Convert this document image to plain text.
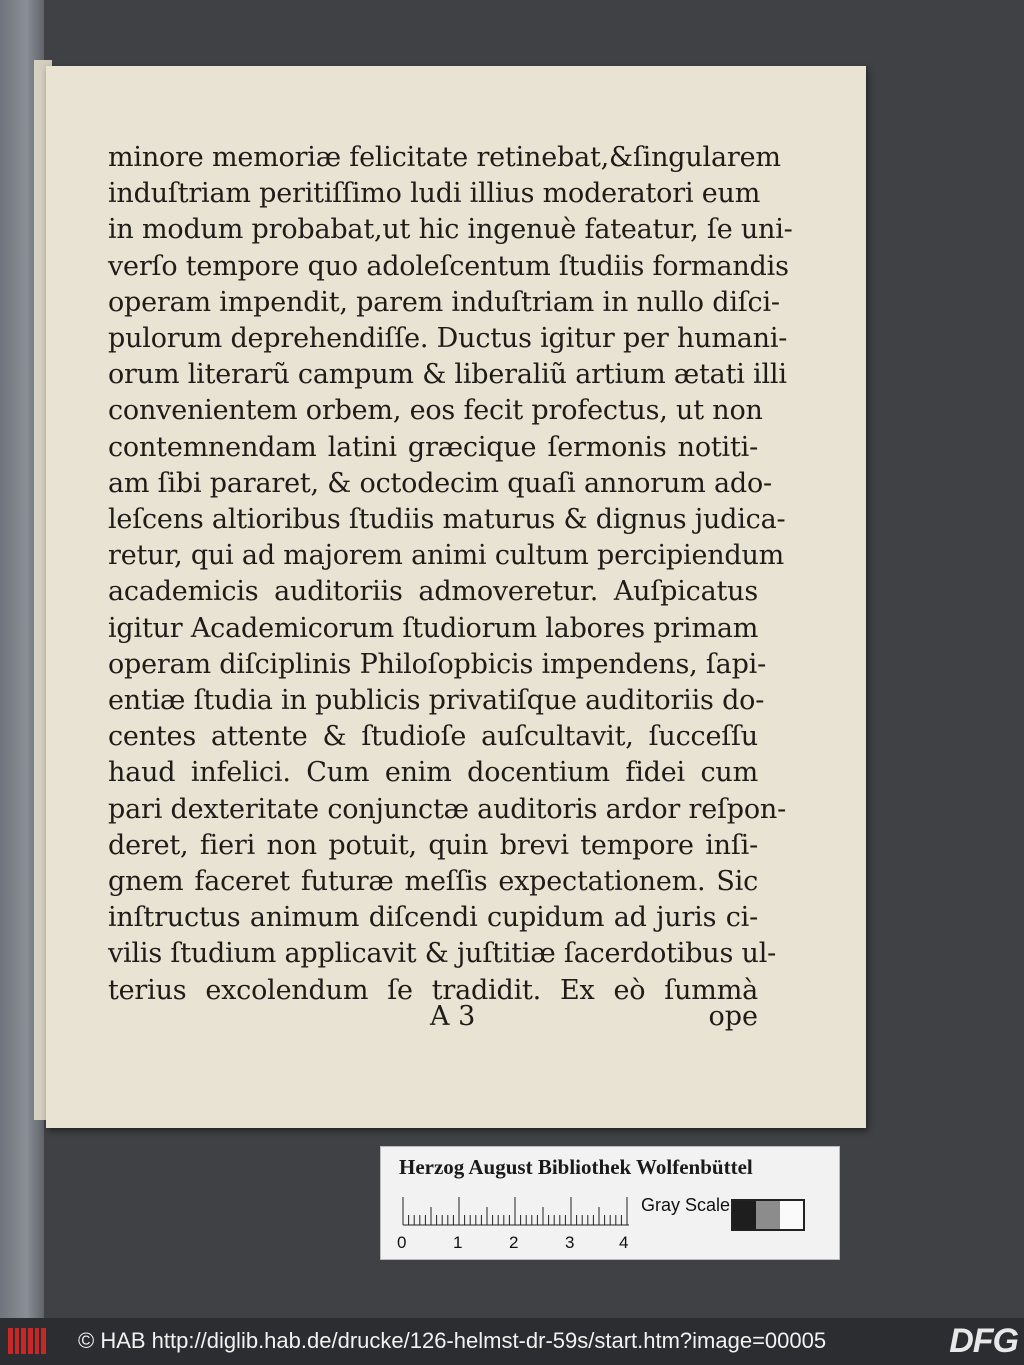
minore memoriæ felicitate retinebat,&ſingularem
induſtriam peritiſſimo ludi illius moderatori eum
in modum probabat,ut hic ingenuè fateatur, ſe uni-
verſo tempore quo adoleſcentum ſtudiis formandis
operam impendit, parem induſtriam in nullo diſci-
pulorum deprehendiſſe. Ductus igitur per humani-
orum literarũ campum & liberaliũ artium ætati illi
convenientem orbem, eos fecit profectus, ut non
contemnendam latini græcique ſermonis notiti-
am ſibi pararet, & octodecim quaſi annorum ado-
leſcens altioribus ſtudiis maturus & dignus judica-
retur, qui ad majorem animi cultum percipiendum
academicis auditoriis admoveretur. Auſpicatus
igitur Academicorum ſtudiorum labores primam
operam diſciplinis Philoſopbicis impendens, ſapi-
entiæ ſtudia in publicis privatiſque auditoriis do-
centes attente & ſtudioſe auſcultavit, ſucceſſu
haud infelici. Cum enim docentium fidei cum
pari dexteritate conjunctæ auditoris ardor reſpon-
deret, fieri non potuit, quin brevi tempore inſi-
gnem faceret futuræ meſſis expectationem. Sic
inſtructus animum diſcendi cupidum ad juris ci-
vilis ſtudium applicavit & juſtitiæ ſacerdotibus ul-
terius excolendum ſe tradidit. Ex eò ſummà
A 3	ope
Herzog August Bibliothek Wolfenbüttel
0	1	2	3	4
Gray Scale
© HAB http://diglib.hab.de/drucke/126-helmst-dr-59s/start.htm?image=00005	DFG
